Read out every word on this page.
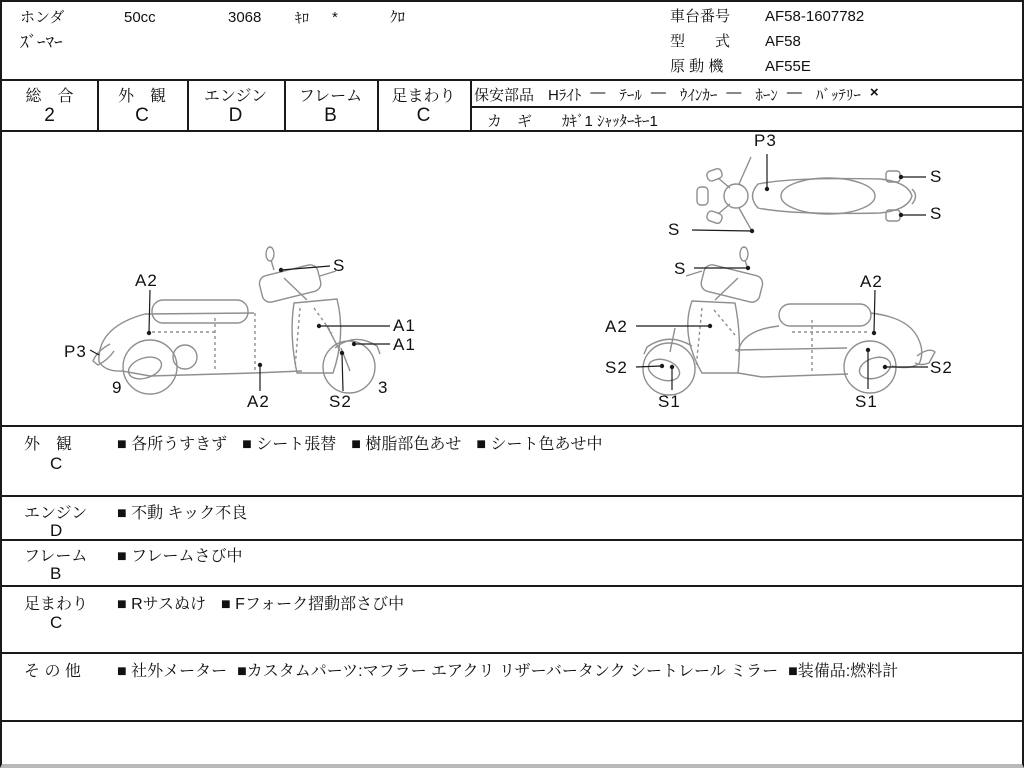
ホンダ	50cc	3068 ｷﾛ *	ｸﾛ
ｽﾞｰﾏｰ
車台番号 AF58-1607782
型　　式 AF58
原 動 機	AF55E
総　合
2
外　観
C
エンジン
D
フレーム
B
足まわり
C
保安部品 Hﾗｲﾄ — ﾃｰﾙ — ｳｲﾝｶｰ — ﾎｰﾝ — ﾊﾞｯﾃﾘｰ ×
カ　ギ	ｶｷﾞ1 ｼｬｯﾀｰｷｰ1
P3
S
S
S
A2
S
A1
A1
P3
9
A2	S2
3
S
A2
A2
S2
S1	S1
S2
外　観
C
■ 各所うすきず ■ シート張替 ■ 樹脂部色あせ ■ シート色あせ中
エンジン
D
■ 不動 キック不良
フレーム
B
■ フレームさび中
足まわり
C
■ Rサスぬけ ■ Fフォーク摺動部さび中
そ の 他 ■ 社外メーター ■カスタムパーツ:マフラー エアクリ リザーバータンク シートレール ミラー ■装備品:燃料計
